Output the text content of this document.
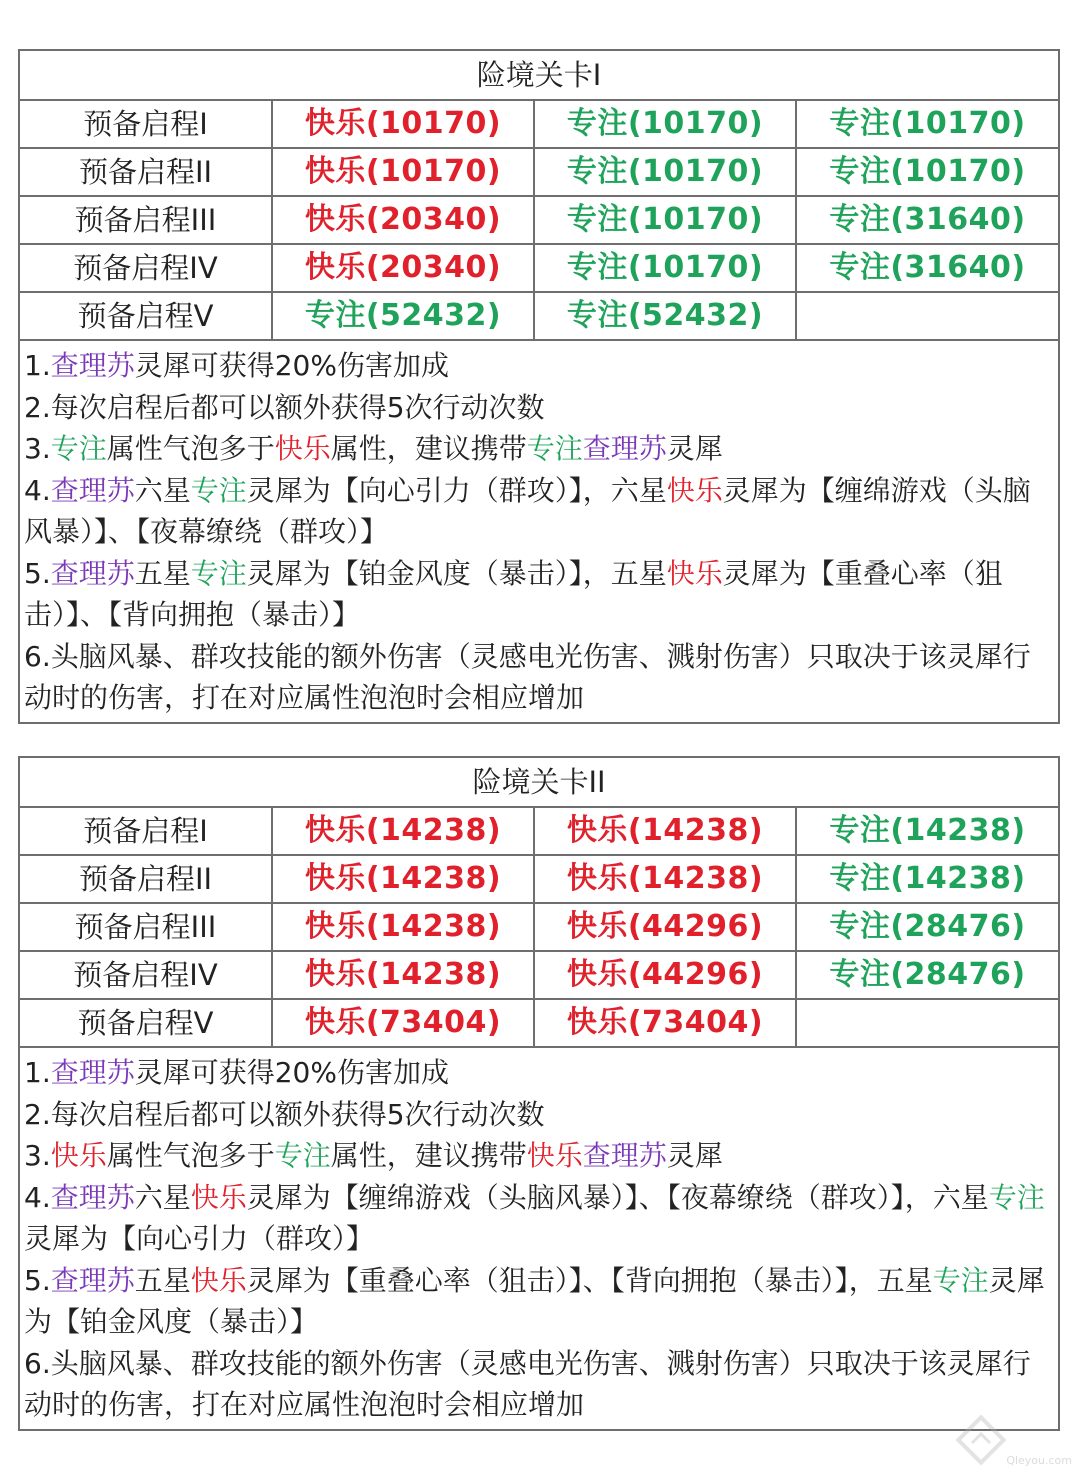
险境关卡I
预备启程I	快乐(10170)	专注(10170)	专注(10170)
预备启程II	快乐(10170)	专注(10170)	专注(10170)
预备启程III	快乐(20340)	专注(10170)	专注(31640)
预备启程IV	快乐(20340)	专注(10170)	专注(31640)
预备启程V	专注(52432)	专注(52432)

1.查理苏灵犀可获得20%伤害加成

2.每次启程后都可以额外获得5次行动次数

3.专注属性气泡多于快乐属性，建议携带专注查理苏灵犀

4.查理苏六星专注灵犀为【向心引力（群攻）】，六星快乐灵犀为【缠绵游戏（头脑风暴）】、【夜幕缭绕（群攻）】

5.查理苏五星专注灵犀为【铂金风度（暴击）】，五星快乐灵犀为【重叠心率（狙击）】、【背向拥抱（暴击）】

6.头脑风暴、群攻技能的额外伤害（灵感电光伤害、溅射伤害）只取决于该灵犀行动时的伤害，打在对应属性泡泡时会相应增加

险境关卡II
预备启程I	快乐(14238)	快乐(14238)	专注(14238)
预备启程II	快乐(14238)	快乐(14238)	专注(14238)
预备启程III	快乐(14238)	快乐(44296)	专注(28476)
预备启程IV	快乐(14238)	快乐(44296)	专注(28476)
预备启程V	快乐(73404)	快乐(73404)

1.查理苏灵犀可获得20%伤害加成

2.每次启程后都可以额外获得5次行动次数

3.快乐属性气泡多于专注属性，建议携带快乐查理苏灵犀

4.查理苏六星快乐灵犀为【缠绵游戏（头脑风暴）】、【夜幕缭绕（群攻）】，六星专注灵犀为【向心引力（群攻）】

5.查理苏五星快乐灵犀为【重叠心率（狙击）】、【背向拥抱（暴击）】，五星专注灵犀为【铂金风度（暴击）】

6.头脑风暴、群攻技能的额外伤害（灵感电光伤害、溅射伤害）只取决于该灵犀行动时的伤害，打在对应属性泡泡时会相应增加

Qleyou.com
